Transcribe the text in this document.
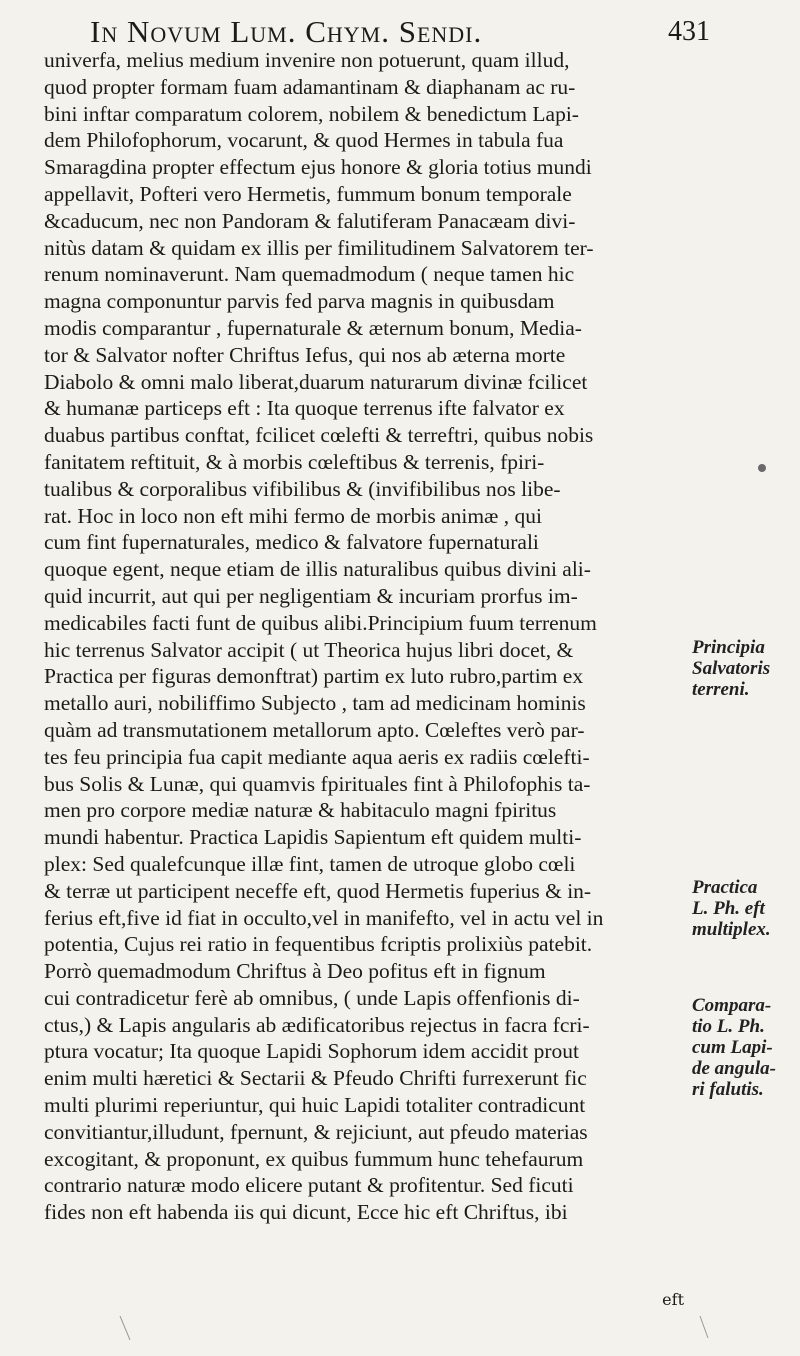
In Novum Lum. Chym. Sendi.	431
univerfa, melius medium invenire non potuerunt, quam illud,
quod propter formam fuam adamantinam & diaphanam ac ru-
bini inftar comparatum colorem, nobilem & benedictum Lapi-
dem Philofophorum, vocarunt, & quod Hermes in tabula fua
Smaragdina propter effectum ejus honore & gloria totius mundi
appellavit, Pofteri vero Hermetis, fummum bonum temporale
&caducum, nec non Pandoram & falutiferam Panacæam divi-
nitùs datam & quidam ex illis per fimilitudinem Salvatorem ter-
renum nominaverunt. Nam quemadmodum ( neque tamen hic
magna componuntur parvis fed parva magnis in quibusdam
modis comparantur , fupernaturale & æternum bonum, Media-
tor & Salvator nofter Chriftus Iefus, qui nos ab æterna morte
Diabolo & omni malo liberat,duarum naturarum divinæ fcilicet
& humanæ particeps eft : Ita quoque terrenus ifte falvator ex
duabus partibus conftat, fcilicet cœlefti & terreftri, quibus nobis
fanitatem reftituit, & à morbis cœleftibus & terrenis, fpiri-
tualibus & corporalibus vifibilibus & (invifibilibus nos libe-
rat. Hoc in loco non eft mihi fermo de morbis animæ , qui
cum fint fupernaturales, medico & falvatore fupernaturali
quoque egent, neque etiam de illis naturalibus quibus divini ali-
quid incurrit, aut qui per negligentiam & incuriam prorfus im-
medicabiles facti funt de quibus alibi.Principium fuum terrenum
hic terrenus Salvator accipit ( ut Theorica hujus libri docet, &
Practica per figuras demonftrat) partim ex luto rubro,partim ex
metallo auri, nobiliffimo Subjecto , tam ad medicinam hominis
quàm ad transmutationem metallorum apto. Cœleftes verò par-
tes feu principia fua capit mediante aqua aeris ex radiis cœlefti-
bus Solis & Lunæ, qui quamvis fpirituales fint à Philofophis ta-
men pro corpore mediæ naturæ & habitaculo magni fpiritus
mundi habentur. Practica Lapidis Sapientum eft quidem multi-
plex: Sed qualefcunque illæ fint, tamen de utroque globo cœli
& terræ ut participent neceffe eft, quod Hermetis fuperius & in-
ferius eft,five id fiat in occulto,vel in manifefto, vel in actu vel in
potentia, Cujus rei ratio in fequentibus fcriptis prolixiùs patebit.
Porrò quemadmodum Chriftus à Deo pofitus eft in fignum
cui contradicetur ferè ab omnibus, ( unde Lapis offenfionis di-
ctus,) & Lapis angularis ab ædificatoribus rejectus in facra fcri-
ptura vocatur; Ita quoque Lapidi Sophorum idem accidit prout
enim multi hæretici & Sectarii & Pfeudo Chrifti furrexerunt fic
multi plurimi reperiuntur, qui huic Lapidi totaliter contradicunt
convitiantur,illudunt, fpernunt, & rejiciunt, aut pfeudo materias
excogitant, & proponunt, ex quibus fummum hunc tehefaurum
contrario naturæ modo elicere putant & profitentur. Sed ficuti
fides non eft habenda iis qui dicunt, Ecce hic eft Chriftus, ibi
Principia
Salvatoris
terreni.
Practica
L. Ph. eft
multiplex.
Compara-
tio L. Ph.
cum Lapi-
de angula-
ri falutis.
eft
